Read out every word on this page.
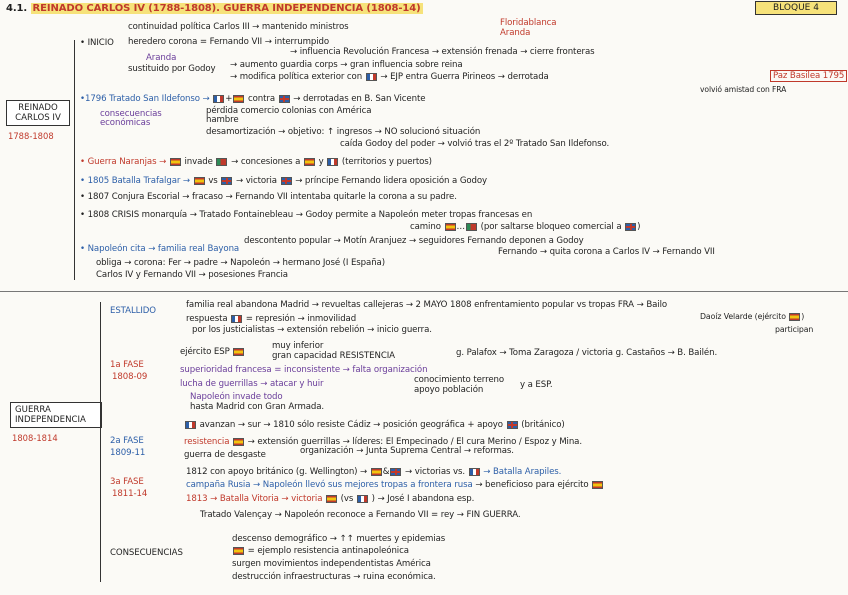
4.1. REINADO CARLOS IV (1788-1808). GUERRA INDEPENDENCIA (1808-14)	BLOQUE 4
REINADO CARLOS IV
1788-1808
• INICIO
continuidad política Carlos III → mantenido ministros	Floridablanca
Aranda
heredero corona = Fernando VII → interrumpido
→ influencia Revolución Francesa → extensión frenada → cierre fronteras
Aranda
sustituido por Godoy → aumento guardia corps → gran influencia sobre reina
→ modifica política exterior con → EJP entra Guerra Pirineos → derrotada	Paz Basilea 1795
volvió amistad con FRA
•1796 Tratado San Ildefonso → + contra → derrotadas en B. San Vicente
consecuencias
económicas
pérdida comercio colonias con América
hambre
desamortización → objetivo: ↑ ingresos → NO solucionó situación
caída Godoy del poder → volvió tras el 2º Tratado San Ildefonso.
• Guerra Naranjas → invade → concesiones a y (territorios y puertos)
• 1805 Batalla Trafalgar → vs → victoria → príncipe Fernando lidera oposición a Godoy
• 1807 Conjura Escorial → fracaso → Fernando VII intentaba quitarle la corona a su padre.
• 1808 CRISIS monarquía → Tratado Fontainebleau → Godoy permite a Napoleón meter tropas francesas en
camino … (por saltarse bloqueo comercial a )
descontento popular → Motín Aranjuez → seguidores Fernando deponen a Godoy
Fernando → quita corona a Carlos IV → Fernando VII
• Napoleón cita → familia real Bayona
obliga → corona: Fer → padre → Napoleón → hermano José (I España)
Carlos IV y Fernando VII → posesiones Francia
GUERRA INDEPENDENCIA
1808-1814
ESTALLIDO
familia real abandona Madrid → revueltas callejeras → 2 MAYO 1808 enfrentamiento popular vs tropas FRA → Bailo
Daoíz Velarde (ejército )
participan
respuesta = represión → inmovilidad
por los justicialistas → extensión rebelión → inicio guerra.
1a FASE
1808-09
ejército ESP
muy inferior
gran capacidad RESISTENCIA	g. Palafox → Toma Zaragoza / victoria g. Castaños → B. Bailén.
superioridad francesa = inconsistente → falta organización
lucha de guerrillas → atacar y huir	conocimiento terreno
apoyo población	y a ESP.
Napoleón invade todo
hasta Madrid con Gran Armada.
2a FASE
1809-11
avanzan → sur → 1810 sólo resiste Cádiz → posición geográfica + apoyo (británico)
resistencia → extensión guerrillas → líderes: El Empecinado / El cura Merino / Espoz y Mina.
guerra de desgaste	organización → Junta Suprema Central → reformas.
3a FASE
1811-14
1812 con apoyo británico (g. Wellington) → & → victorias vs. → Batalla Arapiles.
campaña Rusia → Napoleón llevó sus mejores tropas a frontera rusa → beneficioso para ejército
1813 → Batalla Vitoria → victoria (vs ) → José I abandona esp.
Tratado Valençay → Napoleón reconoce a Fernando VII = rey → FIN GUERRA.
CONSECUENCIAS
descenso demográfico → ↑↑ muertes y epidemias
= ejemplo resistencia antinapoleónica
surgen movimientos independentistas América
destrucción infraestructuras → ruina económica.
